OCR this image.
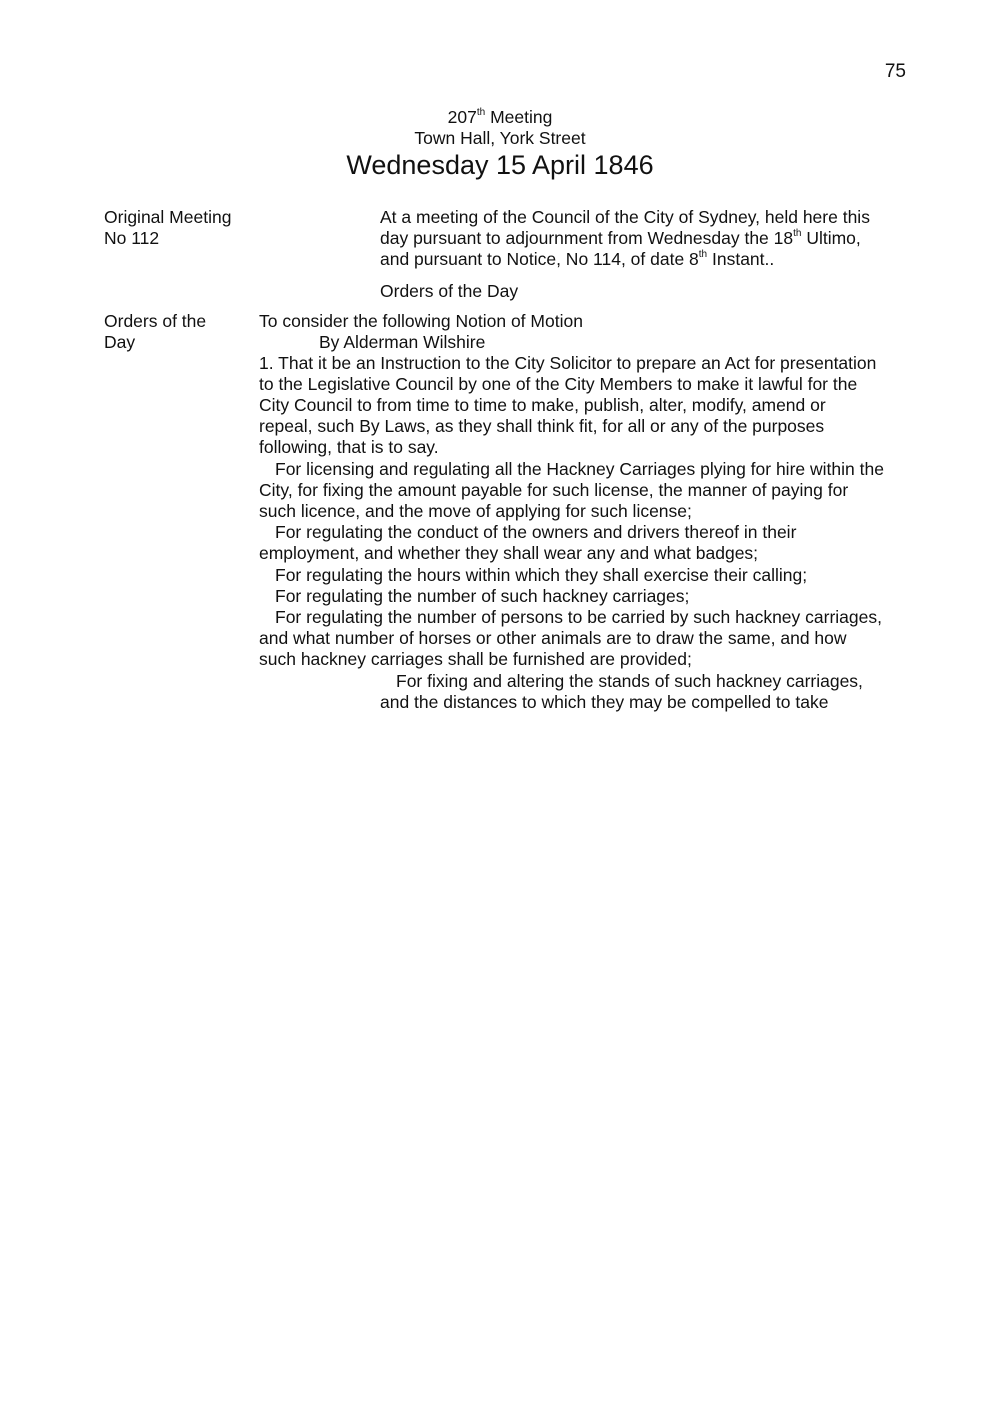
75
207th Meeting
Town Hall, York Street
Wednesday 15 April 1846
Original Meeting
No 112
At a meeting of the Council of the City of Sydney, held here this
day pursuant to adjournment from Wednesday the 18th Ultimo,
and pursuant to Notice, No 114, of date 8th Instant..
Orders of the Day
Orders of the
Day
To consider the following Notion of Motion
By Alderman Wilshire
1. That it be an Instruction to the City Solicitor to prepare an Act for presentation
to the Legislative Council by one of the City Members to make it lawful for the
City Council to from time to time to make, publish, alter, modify, amend or
repeal, such By Laws, as they shall think fit, for all or any of the purposes
following, that is to say.
For licensing and regulating all the Hackney Carriages plying for hire within the
City, for fixing the amount payable for such license, the manner of paying for
such licence, and the move of applying for such license;
For regulating the conduct of the owners and drivers thereof in their
employment, and whether they shall wear any and what badges;
For regulating the hours within which they shall exercise their calling;
For regulating the number of such hackney carriages;
For regulating the number of persons to be carried by such hackney carriages,
and what number of horses or other animals are to draw the same, and how
such hackney carriages shall be furnished are provided;
For fixing and altering the stands of such hackney carriages,
and the distances to which they may be compelled to take
